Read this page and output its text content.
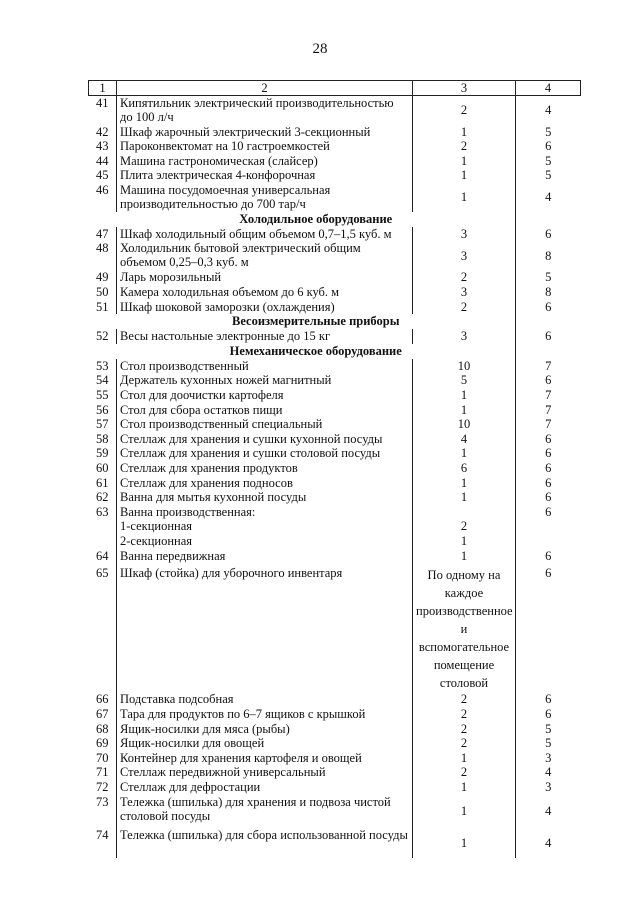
28
1	2	3	4
41	Кипятильник электрический производительностью до 100 л/ч	2	4
42	Шкаф жарочный электрический 3-секционный	1	5
43	Пароконвектомат на 10 гастроемкостей	2	6
44	Машина гастрономическая (слайсер)	1	5
45	Плита электрическая 4-конфорочная	1	5
46	Машина посудомоечная универсальная производительностью до 700 тар/ч	1	4
	Холодильное оборудование		
47	Шкаф холодильный общим объемом 0,7–1,5 куб. м	3	6
48	Холодильник бытовой электрический общим объемом 0,25–0,3 куб. м	3	8
49	Ларь морозильный	2	5
50	Камера холодильная объемом до 6 куб. м	3	8
51	Шкаф шоковой заморозки (охлаждения)	2	6
	Весоизмерительные приборы		
52	Весы настольные электронные до 15 кг	3	6
	Немеханическое оборудование		
53	Стол производственный	10	7
54	Держатель кухонных ножей магнитный	5	6
55	Стол для доочистки картофеля	1	7
56	Стол для сбора остатков пищи	1	7
57	Стол производственный специальный	10	7
58	Стеллаж для хранения и сушки кухонной посуды	4	6
59	Стеллаж для хранения и сушки столовой посуды	1	6
60	Стеллаж для хранения продуктов	6	6
61	Стеллаж для хранения подносов	1	6
62	Ванна для мытья кухонной посуды	1	6
63	Ванна производственная:		6
	1-секционная	2	
	2-секционная	1	
64	Ванна передвижная	1	6
65	Шкаф (стойка) для уборочного инвентаря	По одному на каждое производственное и вспомогательное помещение столовой	6
66	Подставка подсобная	2	6
67	Тара для продуктов по 6–7 ящиков с крышкой	2	6
68	Ящик-носилки для мяса (рыбы)	2	5
69	Ящик-носилки для овощей	2	5
70	Контейнер для хранения картофеля и овощей	1	3
71	Стеллаж передвижной универсальный	2	4
72	Стеллаж для дефростации	1	3
73	Тележка (шпилька) для хранения и подвоза чистой столовой посуды	1	4
74	Тележка (шпилька) для сбора использованной посуды	1	4
